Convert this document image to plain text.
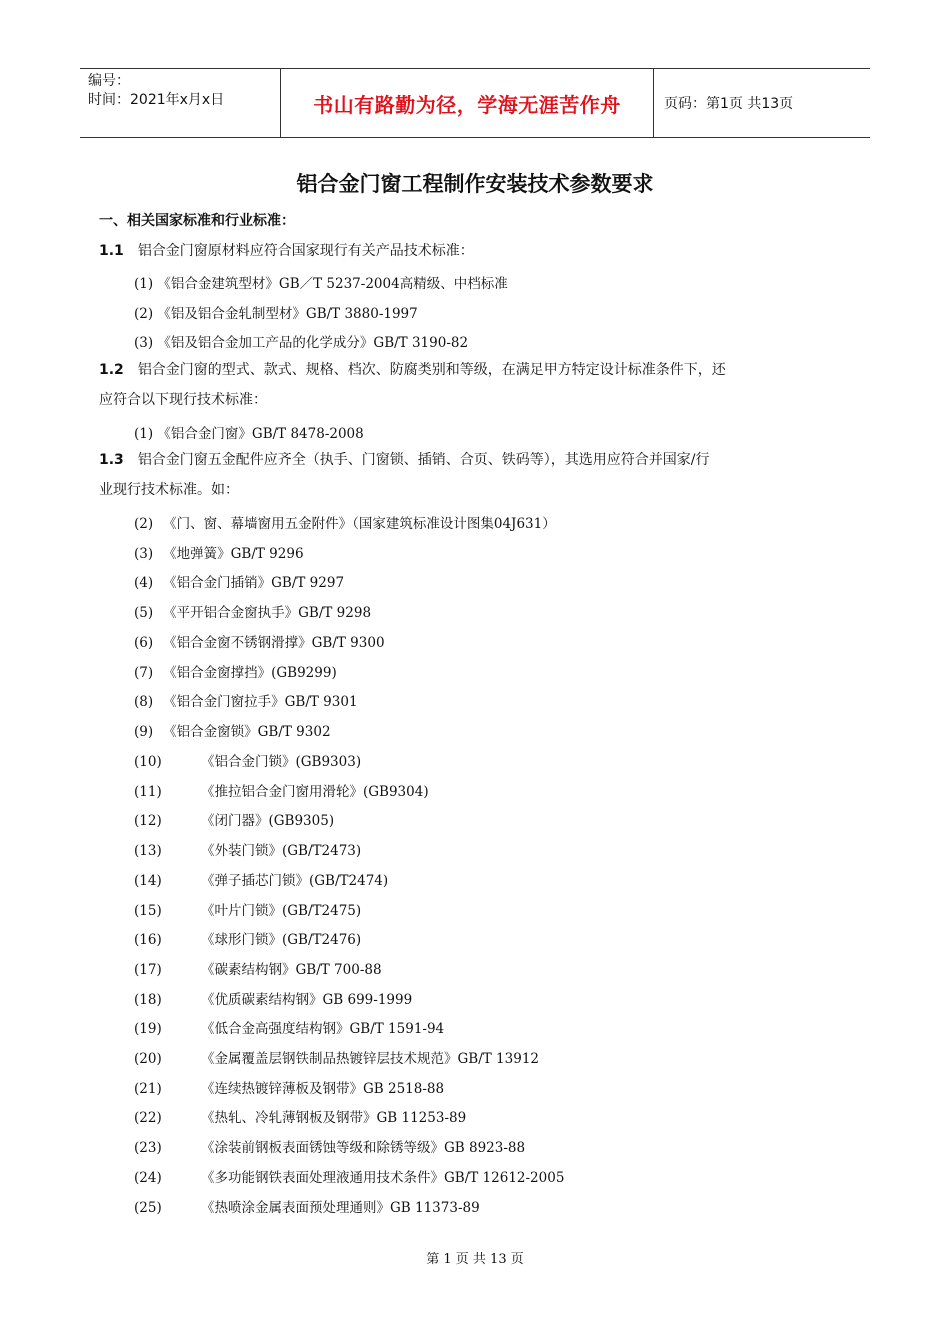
编号：
时间：2021年x月x日	书山有路勤为径，学海无涯苦作舟	页码：第1页 共13页
铝合金门窗工程制作安装技术参数要求
一、相关国家标准和行业标准：
1.1 铝合金门窗原材料应符合国家现行有关产品技术标准：
(1) 《铝合金建筑型材》GB／T 5237-2004高精级、中档标准
(2) 《铝及铝合金轧制型材》GB/T 3880-1997
(3) 《铝及铝合金加工产品的化学成分》GB/T 3190-82
1.2 铝合金门窗的型式、款式、规格、档次、防腐类别和等级，在满足甲方特定设计标准条件下，还
应符合以下现行技术标准：
(1) 《铝合金门窗》GB/T 8478-2008
1.3 铝合金门窗五金配件应齐全（执手、门窗锁、插销、合页、铁码等），其选用应符合并国家/行
业现行技术标准。如：
(2) 《门、窗、幕墙窗用五金附件》（国家建筑标准设计图集04J631）
(3) 《地弹簧》GB/T 9296
(4) 《铝合金门插销》GB/T 9297
(5) 《平开铝合金窗执手》GB/T 9298
(6) 《铝合金窗不锈钢滑撑》GB/T 9300
(7) 《铝合金窗撑挡》(GB9299)
(8) 《铝合金门窗拉手》GB/T 9301
(9) 《铝合金窗锁》GB/T 9302
(10)	《铝合金门锁》(GB9303)
(11)	《推拉铝合金门窗用滑轮》(GB9304)
(12)	《闭门器》(GB9305)
(13)	《外装门锁》(GB/T2473)
(14)	《弹子插芯门锁》(GB/T2474)
(15)	《叶片门锁》(GB/T2475)
(16)	《球形门锁》(GB/T2476)
(17)	《碳素结构钢》GB/T 700-88
(18)	《优质碳素结构钢》GB 699-1999
(19)	《低合金高强度结构钢》GB/T 1591-94
(20)	《金属覆盖层钢铁制品热镀锌层技术规范》GB/T 13912
(21)	《连续热镀锌薄板及钢带》GB 2518-88
(22)	《热轧、冷轧薄钢板及钢带》GB 11253-89
(23)	《涂装前钢板表面锈蚀等级和除锈等级》GB 8923-88
(24)	《多功能钢铁表面处理液通用技术条件》GB/T 12612-2005
(25)	《热喷涂金属表面预处理通则》GB 11373-89
第 1 页 共 13 页
